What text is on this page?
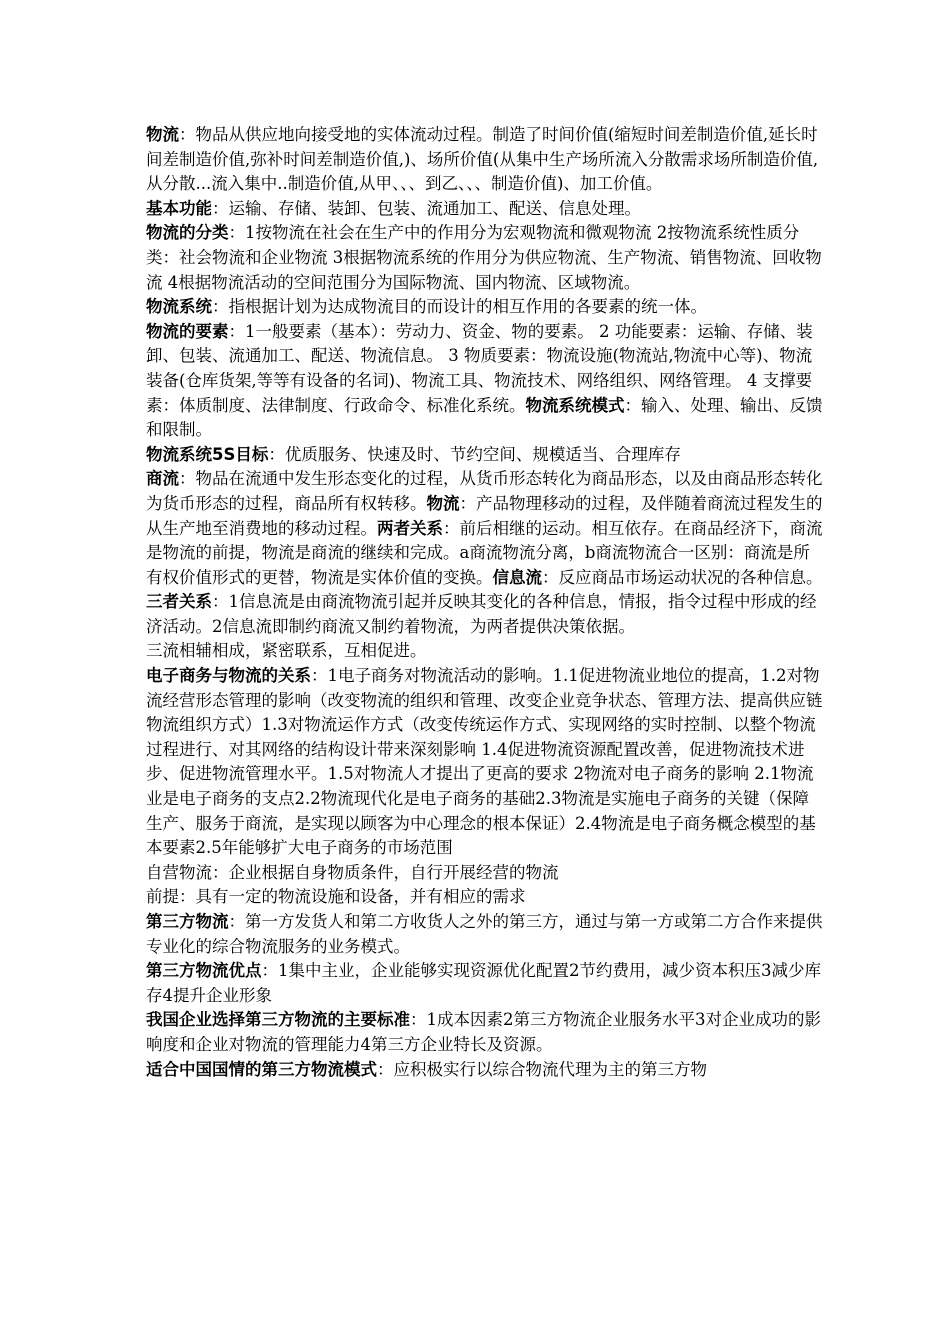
物流：物品从供应地向接受地的实体流动过程。制造了时间价值(缩短时间差制造价值,延长时间差制造价值,弥补时间差制造价值,)、场所价值(从集中生产场所流入分散需求场所制造价值,从分散...流入集中..制造价值,从甲、、、到乙、、、制造价值)、加工价值。

基本功能：运输、存储、装卸、包装、流通加工、配送、信息处理。

物流的分类：1按物流在社会在生产中的作用分为宏观物流和微观物流 2按物流系统性质分类：社会物流和企业物流 3根据物流系统的作用分为供应物流、生产物流、销售物流、回收物流 4根据物流活动的空间范围分为国际物流、国内物流、区域物流。

物流系统：指根据计划为达成物流目的而设计的相互作用的各要素的统一体。

物流的要素：1一般要素（基本）：劳动力、资金、物的要素。 2 功能要素：运输、存储、装卸、包装、流通加工、配送、物流信息。 3 物质要素：物流设施(物流站,物流中心等)、物流装备(仓库货架,等等有设备的名词)、物流工具、物流技术、网络组织、网络管理。 4 支撑要素：体质制度、法律制度、行政命令、标准化系统。物流系统模式：输入、处理、输出、反馈和限制。

物流系统5S目标：优质服务、快速及时、节约空间、规模适当、合理库存

商流：物品在流通中发生形态变化的过程，从货币形态转化为商品形态，以及由商品形态转化为货币形态的过程，商品所有权转移。物流：产品物理移动的过程，及伴随着商流过程发生的从生产地至消费地的移动过程。两者关系：前后相继的运动。相互依存。在商品经济下，商流是物流的前提，物流是商流的继续和完成。a商流物流分离，b商流物流合一区别：商流是所有权价值形式的更替，物流是实体价值的变换。信息流：反应商品市场运动状况的各种信息。

三者关系：1信息流是由商流物流引起并反映其变化的各种信息，情报，指令过程中形成的经济活动。2信息流即制约商流又制约着物流，为两者提供决策依据。

三流相辅相成，紧密联系，互相促进。

电子商务与物流的关系：1电子商务对物流活动的影响。1.1促进物流业地位的提高，1.2对物流经营形态管理的影响（改变物流的组织和管理、改变企业竞争状态、管理方法、提高供应链物流组织方式）1.3对物流运作方式（改变传统运作方式、实现网络的实时控制、以整个物流过程进行、对其网络的结构设计带来深刻影响 1.4促进物流资源配置改善，促进物流技术进步、促进物流管理水平。1.5对物流人才提出了更高的要求 2物流对电子商务的影响 2.1物流业是电子商务的支点2.2物流现代化是电子商务的基础2.3物流是实施电子商务的关键（保障生产、服务于商流，是实现以顾客为中心理念的根本保证）2.4物流是电子商务概念模型的基本要素2.5年能够扩大电子商务的市场范围

自营物流：企业根据自身物质条件，自行开展经营的物流

前提：具有一定的物流设施和设备，并有相应的需求

第三方物流：第一方发货人和第二方收货人之外的第三方，通过与第一方或第二方合作来提供专业化的综合物流服务的业务模式。

第三方物流优点：1集中主业，企业能够实现资源优化配置2节约费用，减少资本积压3减少库存4提升企业形象

我国企业选择第三方物流的主要标准：1成本因素2第三方物流企业服务水平3对企业成功的影响度和企业对物流的管理能力4第三方企业特长及资源。

适合中国国情的第三方物流模式：应积极实行以综合物流代理为主的第三方物
